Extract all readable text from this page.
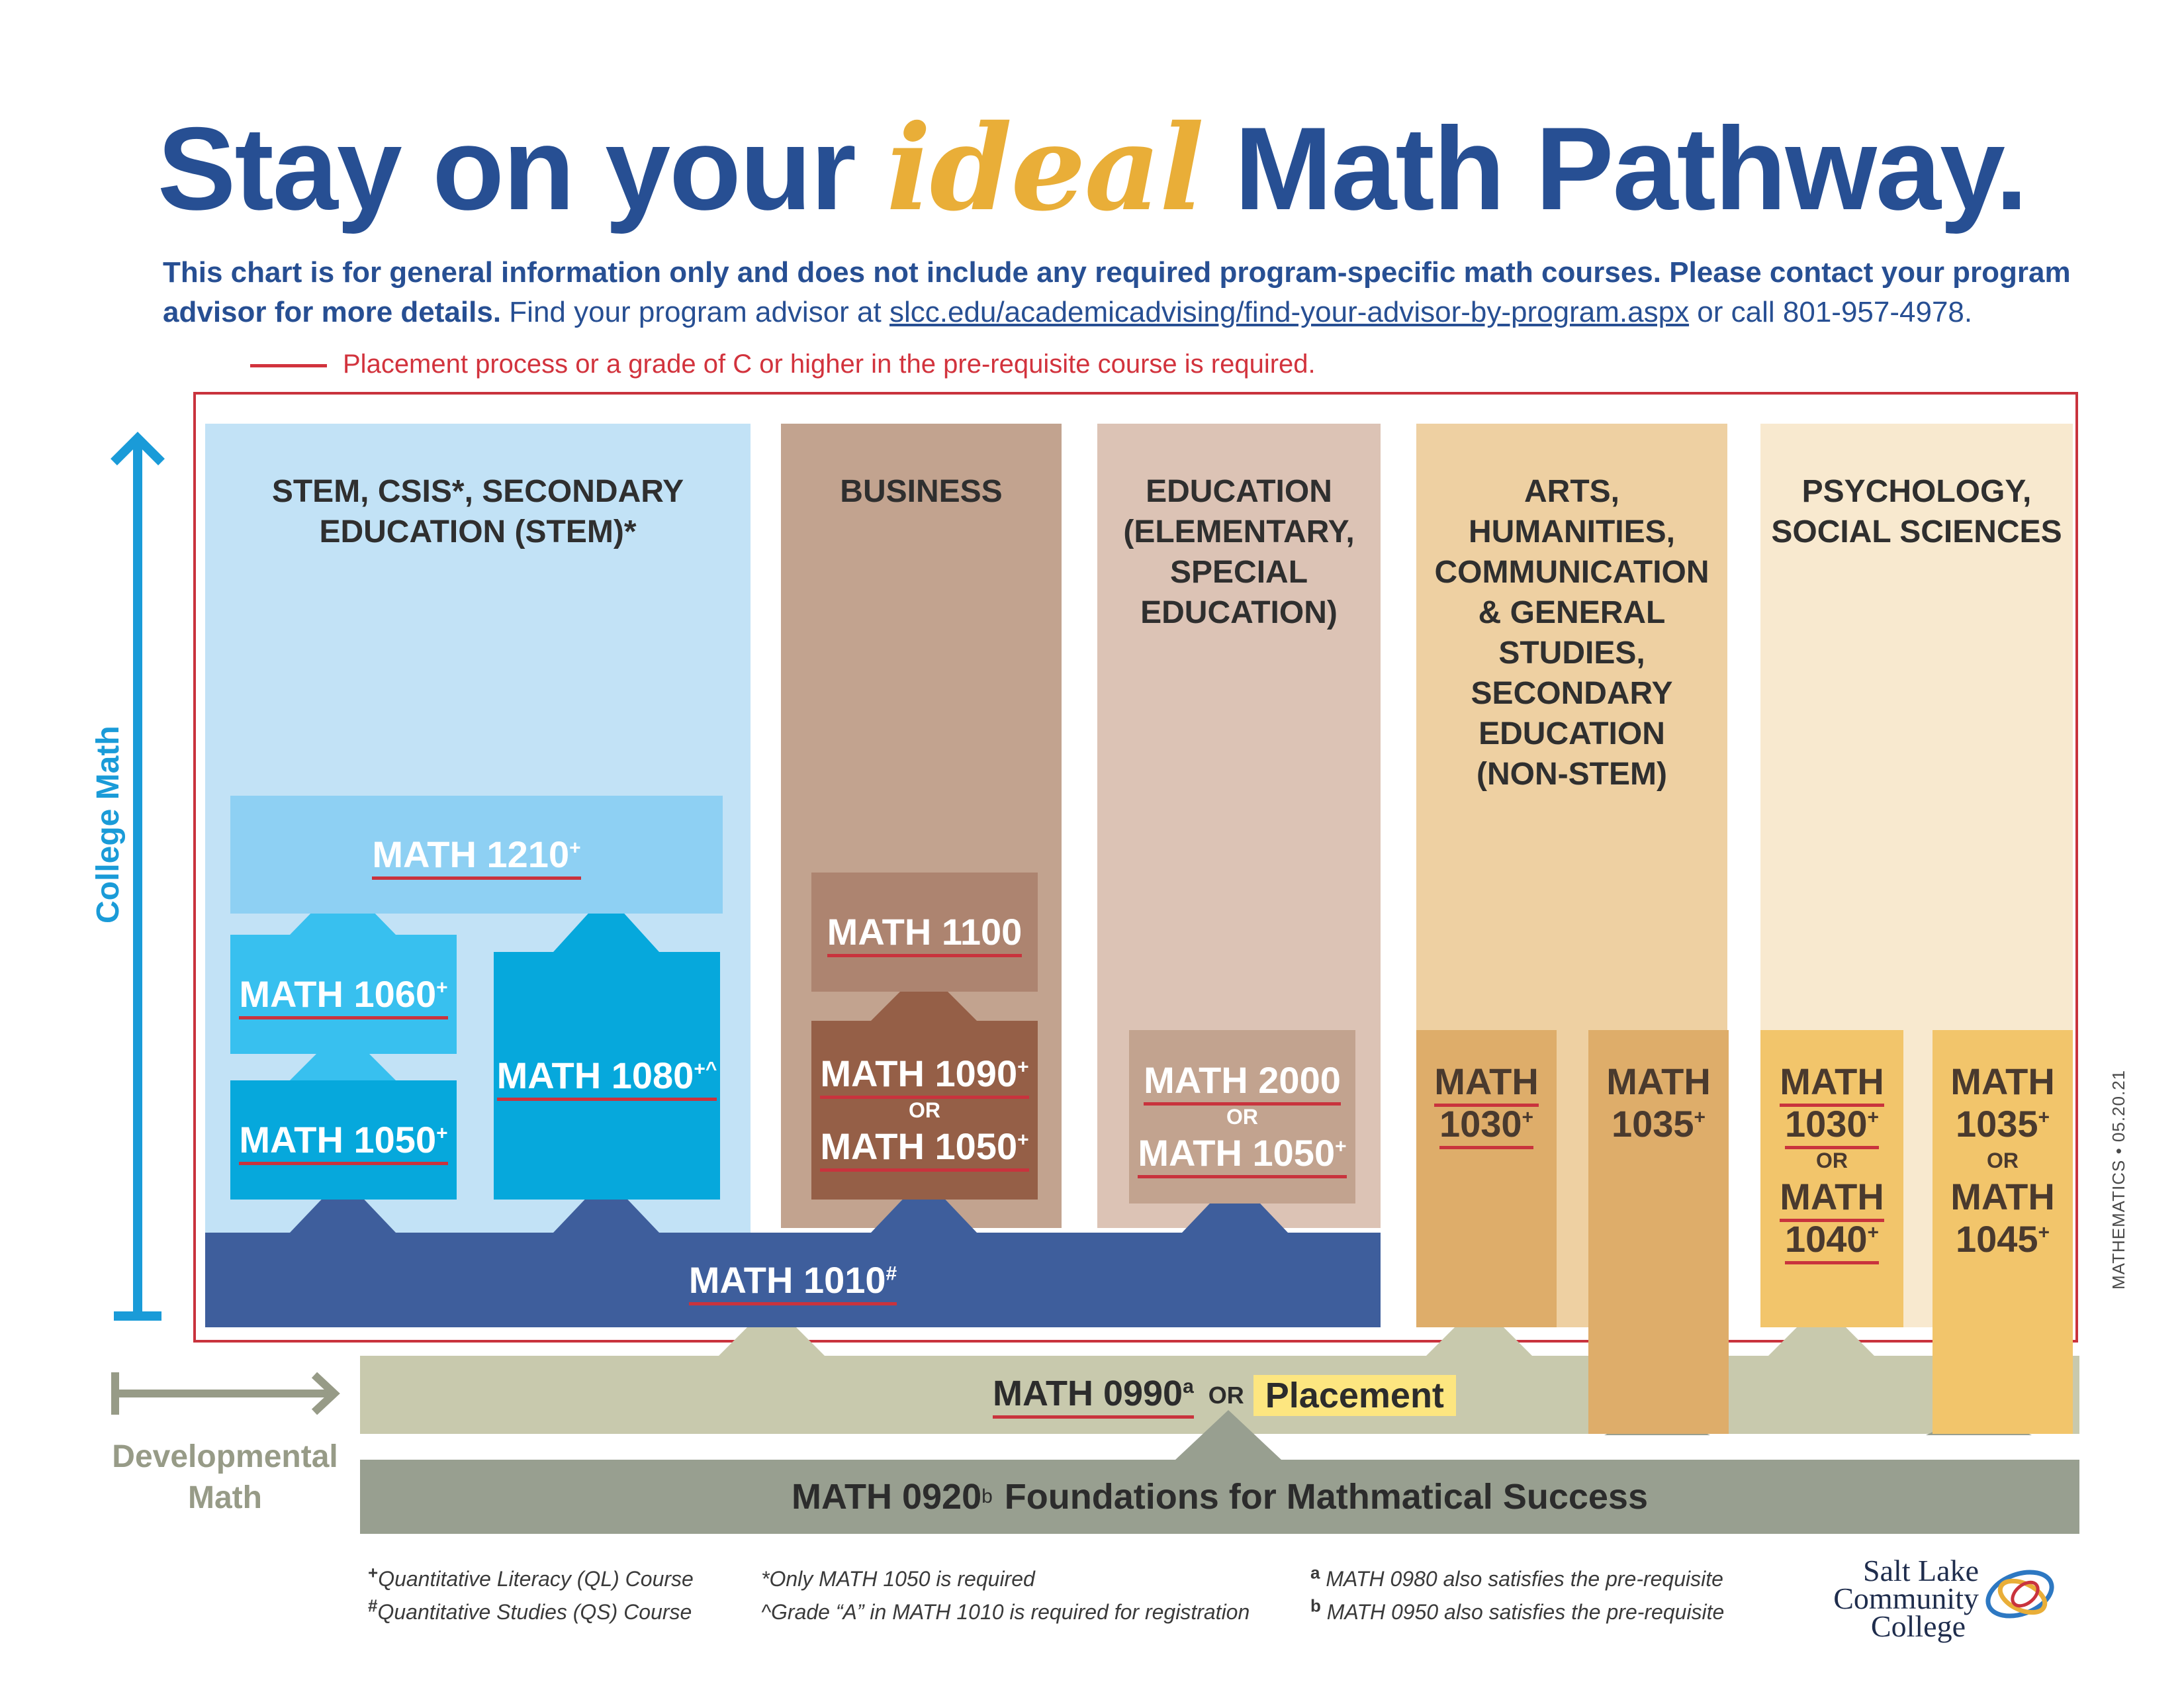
Stay on your ideal Math Pathway.
This chart is for general information only and does not include any required program-specific math courses. Please contact your program advisor for more details. Find your program advisor at slcc.edu/academicadvising/find-your-advisor-by-program.aspx or call 801-957-4978.
Placement process or a grade of C or higher in the pre-requisite course is required.
College Math
Developmental
Math
STEM, CSIS*, SECONDARY
EDUCATION (STEM)*
BUSINESS	EDUCATION
(ELEMENTARY,
SPECIAL
EDUCATION)
ARTS,
HUMANITIES,
COMMUNICATION
& GENERAL
STUDIES,
SECONDARY
EDUCATION
(NON-STEM)
PSYCHOLOGY,
SOCIAL SCIENCES
MATH 1210+
MATH 1060+
MATH 1050+
MATH 1080+^
MATH 1100
MATH 1090+
OR
MATH 1050+
MATH 2000
OR
MATH 1050+
MATH 1010#
MATH
1030+
MATH
1035+
MATH
1030+
OR
MATH
1040+
MATH
1035+
OR
MATH
1045+
MATH 0990$^a$ OR Placement
MATH 0920 b Foundations for Mathmatical Success
MATHEMATICS • 05.20.21
+Quantitative Literacy (QL) Course
#Quantitative Studies (QS) Course
*Only MATH 1050 is required
^Grade “A” in MATH 1010 is required for registration
$^a$ MATH 0980 also satisfies the pre-requisite
$^b$ MATH 0950 also satisfies the pre-requisite
Salt Lake
Community
College
